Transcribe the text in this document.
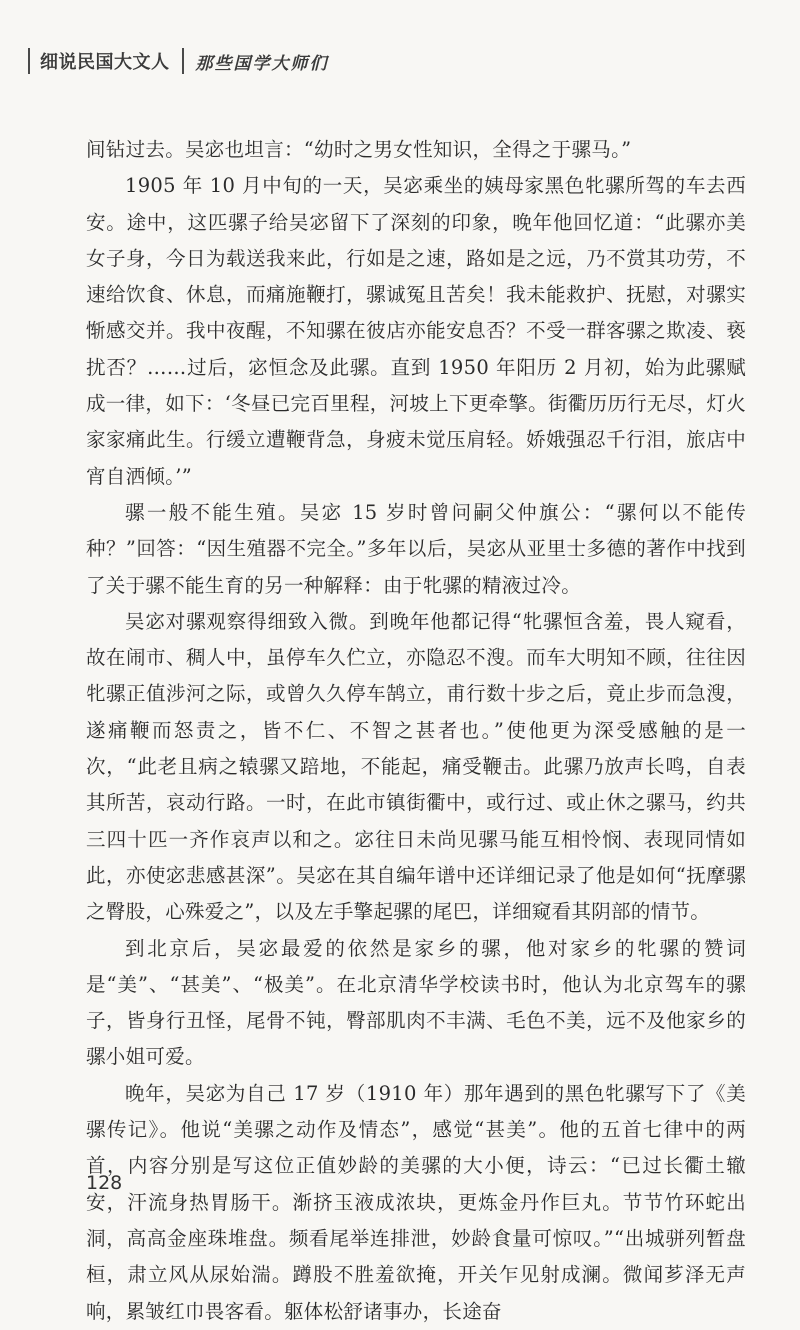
细说民国大文人 那些国学大师们

间钻过去。吴宓也坦言：“幼时之男女性知识，全得之于骡马。”

1905 年 10 月中旬的一天，吴宓乘坐的姨母家黑色牝骡所驾的车去西安。途中，这匹骡子给吴宓留下了深刻的印象，晚年他回忆道：“此骡亦美女子身，今日为载送我来此，行如是之速，路如是之远，乃不赏其功劳，不速给饮食、休息，而痛施鞭打，骡诚冤且苦矣！我未能救护、抚慰，对骡实惭感交并。我中夜醒，不知骡在彼店亦能安息否？不受一群客骡之欺凌、亵扰否？……过后，宓恒念及此骡。直到 1950 年阳历 2 月初，始为此骡赋成一律，如下：‘冬昼已完百里程，河坡上下更牵擎。街衢历历行无尽，灯火家家痛此生。行缓立遭鞭背急，身疲未觉压肩轻。娇娥强忍千行泪，旅店中宵自洒倾。’”

骡一般不能生殖。吴宓 15 岁时曾问嗣父仲旗公：“骡何以不能传种？”回答：“因生殖器不完全。”多年以后，吴宓从亚里士多德的著作中找到了关于骡不能生育的另一种解释：由于牝骡的精液过冷。

吴宓对骡观察得细致入微。到晚年他都记得“牝骡恒含羞，畏人窥看，故在闹市、稠人中，虽停车久伫立，亦隐忍不溲。而车大明知不顾，往往因牝骡正值涉河之际，或曾久久停车鹄立，甫行数十步之后，竟止步而急溲，遂痛鞭而怒责之，皆不仁、不智之甚者也。”使他更为深受感触的是一次，“此老且病之辕骡又踣地，不能起，痛受鞭击。此骡乃放声长鸣，自表其所苦，哀动行路。一时，在此市镇街衢中，或行过、或止休之骡马，约共三四十匹一齐作哀声以和之。宓往日未尚见骡马能互相怜悯、表现同情如此，亦使宓悲感甚深”。吴宓在其自编年谱中还详细记录了他是如何“抚摩骡之臀股，心殊爱之”，以及左手擎起骡的尾巴，详细窥看其阴部的情节。

到北京后，吴宓最爱的依然是家乡的骡，他对家乡的牝骡的赞词是“美”、“甚美”、“极美”。在北京清华学校读书时，他认为北京驾车的骡子，皆身行丑怪，尾骨不钝，臀部肌肉不丰满、毛色不美，远不及他家乡的骡小姐可爱。

晚年，吴宓为自己 17 岁（1910 年）那年遇到的黑色牝骡写下了《美骡传记》。他说“美骡之动作及情态”，感觉“甚美”。他的五首七律中的两首，内容分别是写这位正值妙龄的美骡的大小便，诗云：“已过长衢土辙安，汗流身热胃肠干。渐挤玉液成浓块，更炼金丹作巨丸。节节竹环蛇出洞，高高金座珠堆盘。频看尾举连排泄，妙龄食量可惊叹。”“出城骈列暂盘桓，肃立风从尿始湍。蹲股不胜羞欲掩，开关乍见射成澜。微闻芗泽无声响，累皱红巾畏客看。躯体松舒诸事办，长途奋

128
